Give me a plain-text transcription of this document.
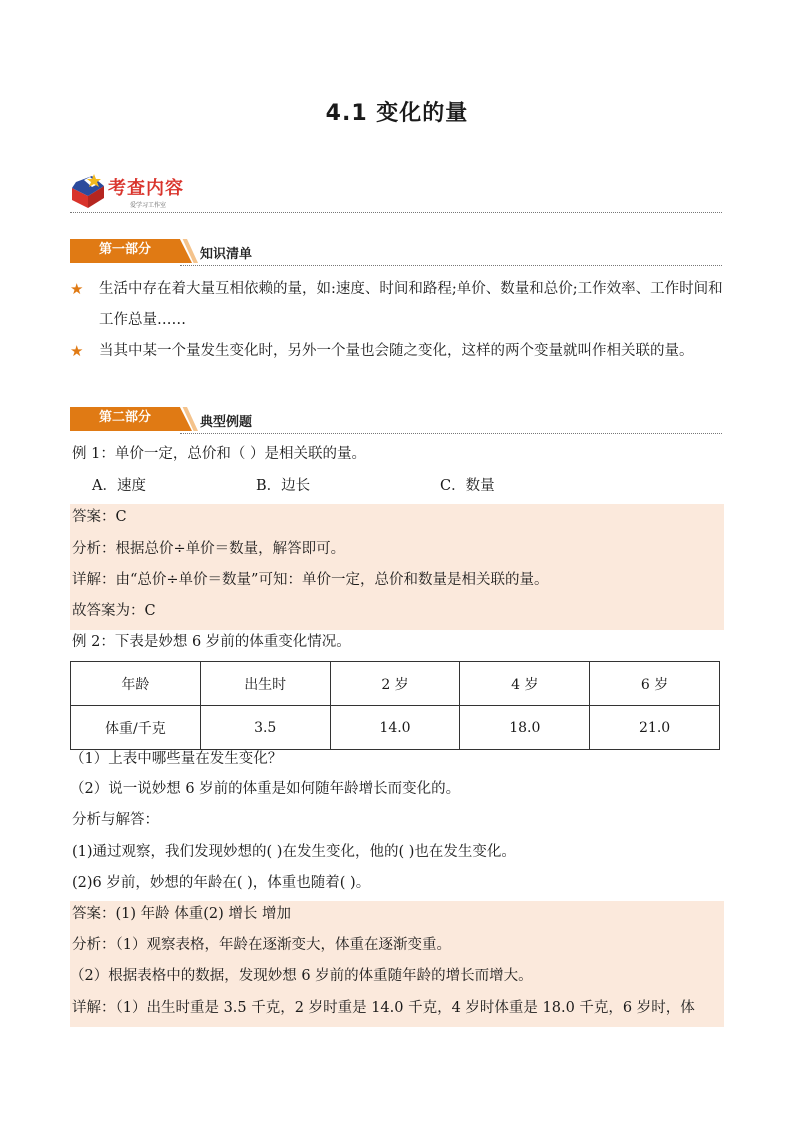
4.1 变化的量
考查内容
爱学习工作室
第一部分	知识清单
★ 生活中存在着大量互相依赖的量，如:速度、时间和路程;单价、数量和总价;工作效率、工作时间和工作总量……
★ 当其中某一个量发生变化时，另外一个量也会随之变化，这样的两个变量就叫作相关联的量。
第二部分	典型例题
例 1：单价一定，总价和（ ）是相关联的量。
A．速度	B．边长	C．数量
答案：C
分析：根据总价÷单价＝数量，解答即可。
详解：由“总价÷单价＝数量”可知：单价一定，总价和数量是相关联的量。
故答案为：C
例 2：下表是妙想 6 岁前的体重变化情况。
年龄	出生时	2 岁	4 岁	6 岁
体重/千克	3.5	14.0	18.0	21.0
（1）上表中哪些量在发生变化？
（2）说一说妙想 6 岁前的体重是如何随年龄增长而变化的。
分析与解答：
(1)通过观察，我们发现妙想的( )在发生变化，他的( )也在发生变化。
(2)6 岁前，妙想的年龄在( )，体重也随着( )。
答案：(1) 年龄 体重(2) 增长 增加
分析：（1）观察表格，年龄在逐渐变大，体重在逐渐变重。
（2）根据表格中的数据，发现妙想 6 岁前的体重随年龄的增长而增大。
详解：（1）出生时重是 3.5 千克，2 岁时重是 14.0 千克，4 岁时体重是 18.0 千克，6 岁时，体
